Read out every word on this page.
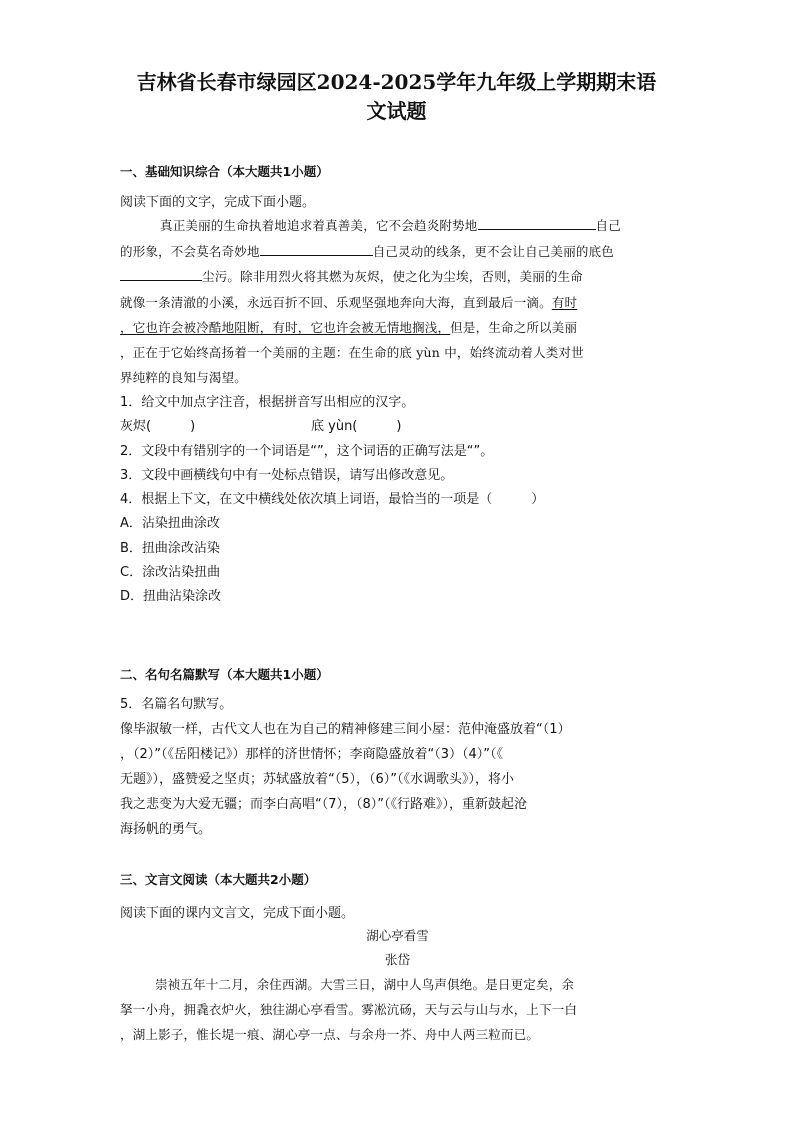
吉林省长春市绿园区2024-2025学年九年级上学期期末语
文试题
一、基础知识综合（本大题共1小题）
阅读下面的文字，完成下面小题。
真正美丽的生命执着地追求着真善美，它不会趋炎附势地	自己
的形象，不会莫名奇妙地	自己灵动的线条，更不会让自己美丽的底色
尘污。除非用烈火将其燃为灰烬，使之化为尘埃，否则，美丽的生命
就像一条清澈的小溪，永远百折不回、乐观坚强地奔向大海，直到最后一滴。有时
，它也许会被冷酷地阻断，有时，它也许会被无情地搁浅，但是，生命之所以美丽
，正在于它始终高扬着一个美丽的主题：在生命的底 yùn 中，始终流动着人类对世
界纯粹的良知与渴望。
1．给文中加点字注音，根据拼音写出相应的汉字。
灰烬(　　　)	底 yùn(　　　)
2．文段中有错别字的一个词语是“”，这个词语的正确写法是“”。
3．文段中画横线句中有一处标点错误，请写出修改意见。
4．根据上下文，在文中横线处依次填上词语，最恰当的一项是（　　　）
A．沾染扭曲涂改
B．扭曲涂改沾染
C．涂改沾染扭曲
D．扭曲沾染涂改
二、名句名篇默写（本大题共1小题）
5．名篇名句默写。
像毕淑敏一样，古代文人也在为自己的精神修建三间小屋：范仲淹盛放着“（1）
，（2）”（《岳阳楼记》）那样的济世情怀；李商隐盛放着“（3）（4）”（《
无题》），盛赞爱之坚贞；苏轼盛放着“（5），（6）”（《水调歌头》），将小
我之悲变为大爱无疆；而李白高唱“（7），（8）”（《行路难》），重新鼓起沧
海扬帆的勇气。
三、文言文阅读（本大题共2小题）
阅读下面的课内文言文，完成下面小题。
湖心亭看雪
张岱
崇祯五年十二月，余住西湖。大雪三日，湖中人鸟声俱绝。是日更定矣，余
拏一小舟，拥毳衣炉火，独往湖心亭看雪。雾凇沆砀，天与云与山与水，上下一白
，湖上影子，惟长堤一痕、湖心亭一点、与余舟一芥、舟中人两三粒而已。
